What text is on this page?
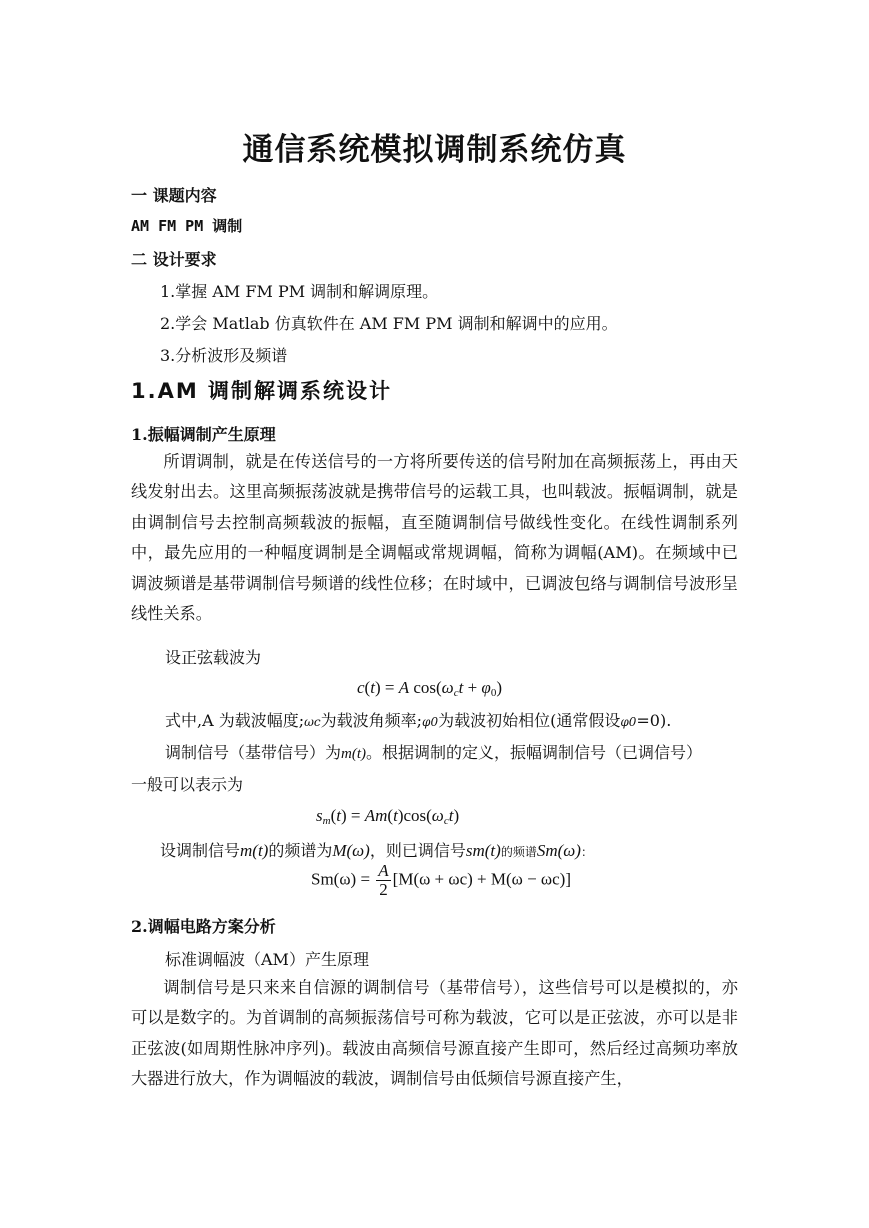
通信系统模拟调制系统仿真
一 课题内容
AM FM PM 调制
二 设计要求
1.掌握 AM FM PM 调制和解调原理。
2.学会 Matlab 仿真软件在 AM FM PM 调制和解调中的应用。
3.分析波形及频谱
1.AM 调制解调系统设计
1.振幅调制产生原理
所谓调制，就是在传送信号的一方将所要传送的信号附加在高频振荡上，再由天线发射出去。这里高频振荡波就是携带信号的运载工具，也叫载波。振幅调制，就是由调制信号去控制高频载波的振幅，直至随调制信号做线性变化。在线性调制系列中，最先应用的一种幅度调制是全调幅或常规调幅，简称为调幅(AM)。在频域中已调波频谱是基带调制信号频谱的线性位移；在时域中，已调波包络与调制信号波形呈线性关系。
设正弦载波为
c(t) = A $\cos(\omega_ct + \varphi_0)$
式中,A 为载波幅度;ωc为载波角频率;φ0为载波初始相位(通常假设φ0=0).
调制信号（基带信号）为m(t)。根据调制的定义，振幅调制信号（已调信号）
一般可以表示为
$s_m(t) = Am(t)\cos(\omega_ct)$
设调制信号m(t)的频谱为M(ω)，则已调信号sm(t)的频谱Sm(ω)：
$Sm(\omega) = \frac{A}{2} [M(\omega + \omega c) + M(\omega - \omega c)]$
2.调幅电路方案分析
标准调幅波（AM）产生原理
调制信号是只来来自信源的调制信号（基带信号），这些信号可以是模拟的，亦可以是数字的。为首调制的高频振荡信号可称为载波，它可以是正弦波，亦可以是非正弦波(如周期性脉冲序列)。载波由高频信号源直接产生即可，然后经过高频功率放大器进行放大，作为调幅波的载波，调制信号由低频信号源直接产生，
